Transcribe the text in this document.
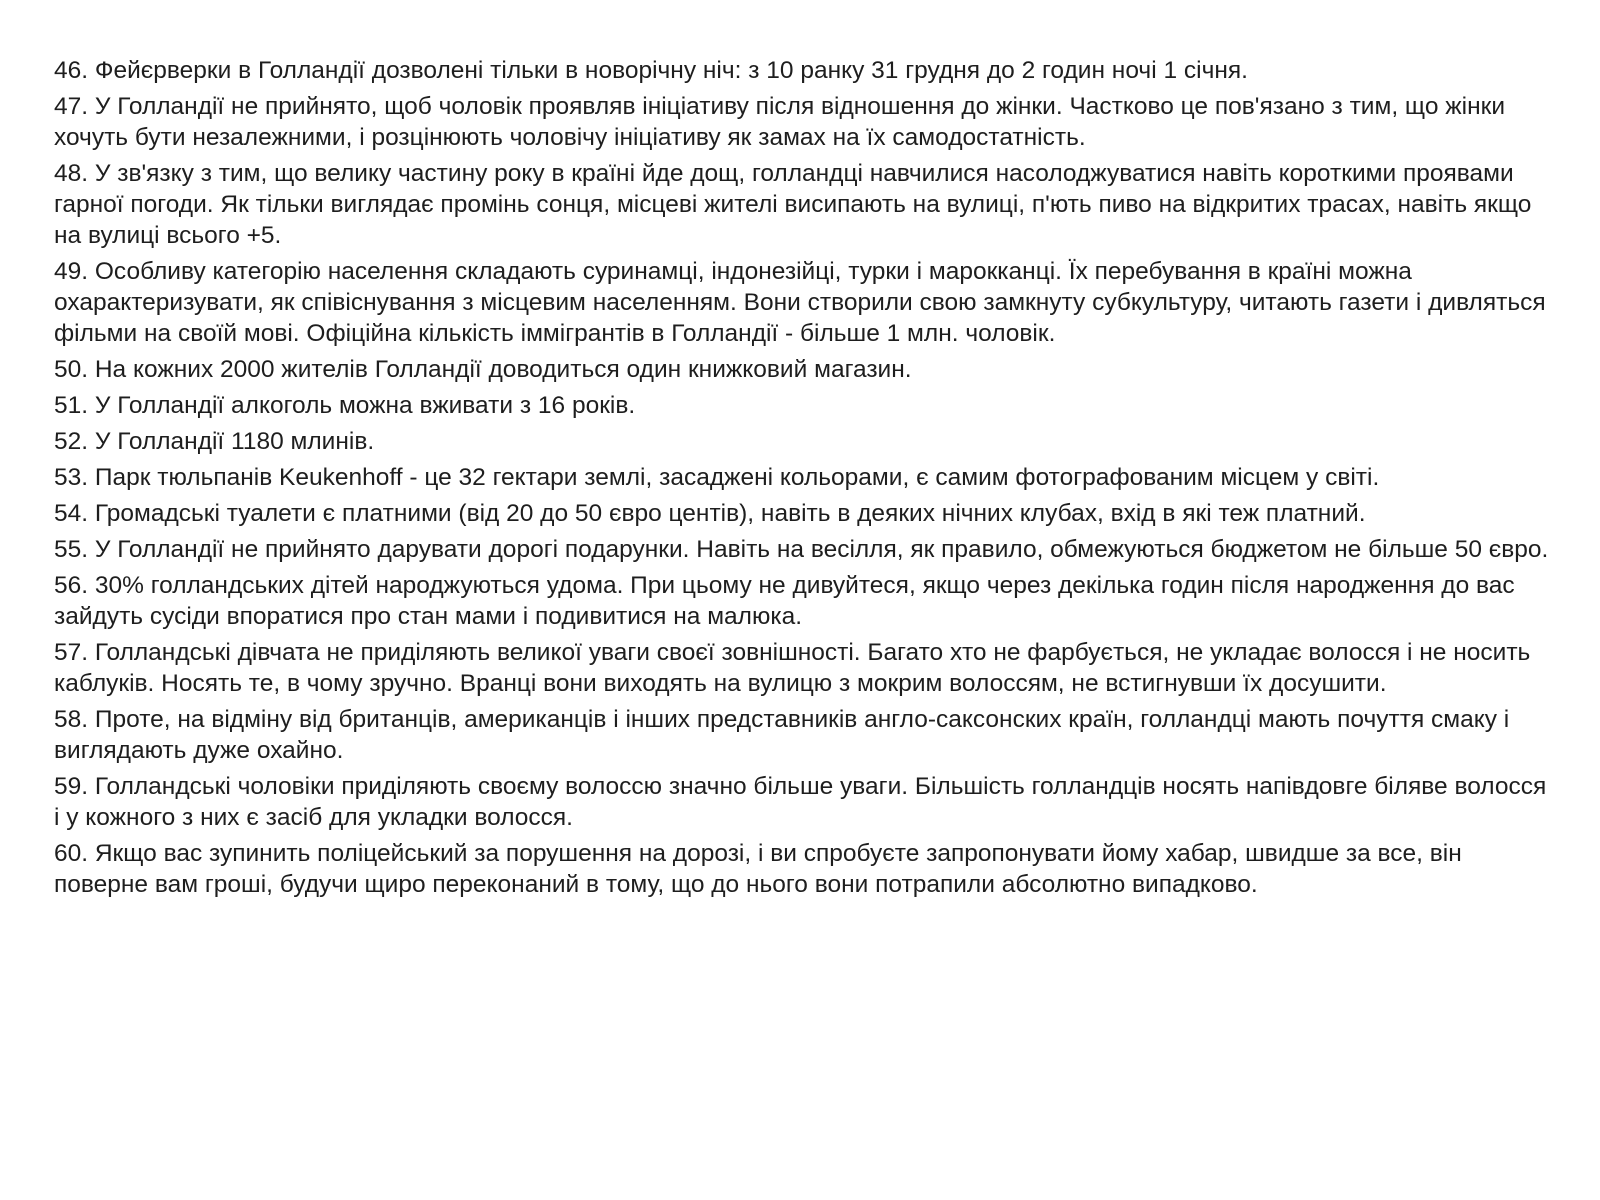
46. Фейєрверки в Голландії дозволені тільки в новорічну ніч: з 10 ранку 31 грудня до 2 годин ночі 1 січня.
47. У Голландії не прийнято, щоб чоловік проявляв ініціативу після відношення до жінки. Частково це пов'язано з тим, що жінки хочуть бути незалежними, і розцінюють чоловічу ініціативу як замах на їх самодостатність.
48. У зв'язку з тим, що велику частину року в країні йде дощ, голландці навчилися насолоджуватися навіть короткими проявами гарної погоди. Як тільки виглядає промінь сонця, місцеві жителі висипають на вулиці, п'ють пиво на відкритих трасах, навіть якщо на вулиці всього +5.
49. Особливу категорію населення складають суринамці, індонезійці, турки і марокканці. Їх перебування в країні можна охарактеризувати, як співіснування з місцевим населенням. Вони створили свою замкнуту субкультуру, читають газети і дивляться фільми на своїй мові. Офіційна кількість іммігрантів в Голландії - більше 1 млн. чоловік.
50. На кожних 2000 жителів Голландії доводиться один книжковий магазин.
51. У Голландії алкоголь можна вживати з 16 років.
52. У Голландії 1180 млинів.
53. Парк тюльпанів Keukenhoff - це 32 гектари землі, засаджені кольорами, є самим фотографованим місцем у світі.
54. Громадські туалети є платними (від 20 до 50 євро центів), навіть в деяких нічних клубах, вхід в які теж платний.
55. У Голландії не прийнято дарувати дорогі подарунки. Навіть на весілля, як правило, обмежуються бюджетом не більше 50 євро.
56. 30% голландських дітей народжуються удома. При цьому не дивуйтеся, якщо через декілька годин після народження до вас зайдуть сусіди впоратися про стан мами і подивитися на малюка.
57. Голландські дівчата не приділяють великої уваги своєї зовнішності. Багато хто не фарбується, не укладає волосся і не носить каблуків. Носять те, в чому зручно. Вранці вони виходять на вулицю з мокрим волоссям, не встигнувши їх досушити.
58. Проте, на відміну від британців, американців і інших представників англо-саксонских країн, голландці мають почуття смаку і виглядають дуже охайно.
59. Голландські чоловіки приділяють своєму волоссю значно більше уваги. Більшість голландців носять напівдовге біляве волосся і у кожного з них є засіб для укладки волосся.
60. Якщо вас зупинить поліцейський за порушення на дорозі, і ви спробуєте запропонувати йому хабар, швидше за все, він поверне вам гроші, будучи щиро переконаний в тому, що до нього вони потрапили абсолютно випадково.
